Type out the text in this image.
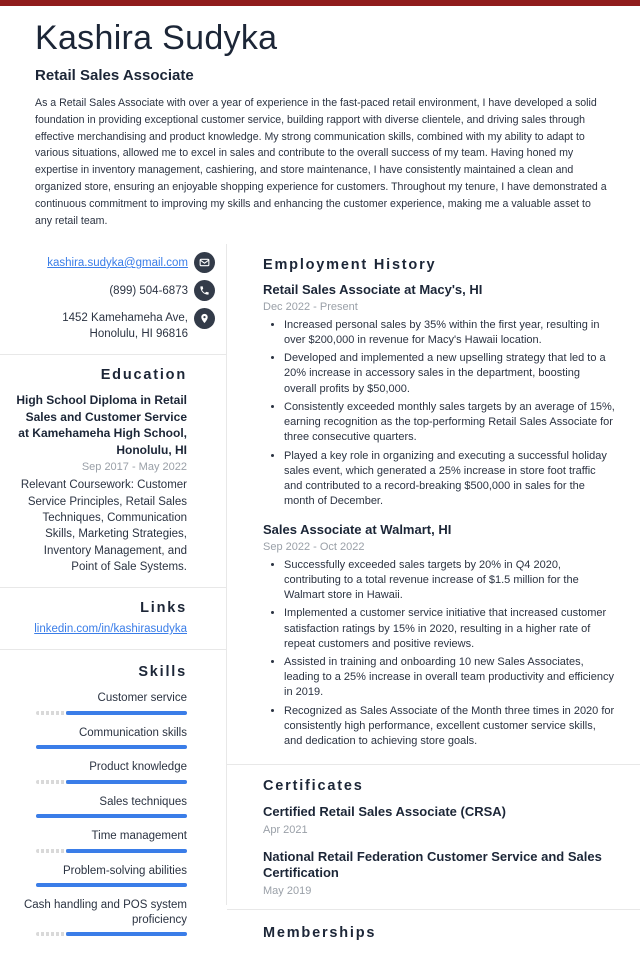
Kashira Sudyka
Retail Sales Associate

As a Retail Sales Associate with over a year of experience in the fast-paced retail environment, I have developed a solid foundation in providing exceptional customer service, building rapport with diverse clientele, and driving sales through effective merchandising and product knowledge. My strong communication skills, combined with my ability to adapt to various situations, allowed me to excel in sales and contribute to the overall success of my team. Having honed my expertise in inventory management, cashiering, and store maintenance, I have consistently maintained a clean and organized store, ensuring an enjoyable shopping experience for customers. Throughout my tenure, I have demonstrated a continuous commitment to improving my skills and enhancing the customer experience, making me a valuable asset to any retail team.

kashira.sudyka@gmail.com
(899) 504-6873
1452 Kamehameha Ave,
Honolulu, HI 96816
Education
High School Diploma in Retail Sales and Customer Service at Kamehameha High School, Honolulu, HI
Sep 2017 - May 2022
Relevant Coursework: Customer Service Principles, Retail Sales Techniques, Communication Skills, Marketing Strategies, Inventory Management, and Point of Sale Systems.
Links
linkedin.com/in/kashirasudyka
Skills
Customer service
Communication skills
Product knowledge
Sales techniques
Time management
Problem-solving abilities
Cash handling and POS system proficiency
Employment History
Retail Sales Associate at Macy's, HI
Dec 2022 - Present
• Increased personal sales by 35% within the first year, resulting in over $200,000 in revenue for Macy's Hawaii location.
• Developed and implemented a new upselling strategy that led to a 20% increase in accessory sales in the department, boosting overall profits by $50,000.
• Consistently exceeded monthly sales targets by an average of 15%, earning recognition as the top-performing Retail Sales Associate for three consecutive quarters.
• Played a key role in organizing and executing a successful holiday sales event, which generated a 25% increase in store foot traffic and contributed to a record-breaking $500,000 in sales for the month of December.
Sales Associate at Walmart, HI
Sep 2022 - Oct 2022
• Successfully exceeded sales targets by 20% in Q4 2020, contributing to a total revenue increase of $1.5 million for the Walmart store in Hawaii.
• Implemented a customer service initiative that increased customer satisfaction ratings by 15% in 2020, resulting in a higher rate of repeat customers and positive reviews.
• Assisted in training and onboarding 10 new Sales Associates, leading to a 25% increase in overall team productivity and efficiency in 2019.
• Recognized as Sales Associate of the Month three times in 2020 for consistently high performance, excellent customer service skills, and dedication to achieving store goals.
Certificates
Certified Retail Sales Associate (CRSA)
Apr 2021
National Retail Federation Customer Service and Sales Certification
May 2019
Memberships
